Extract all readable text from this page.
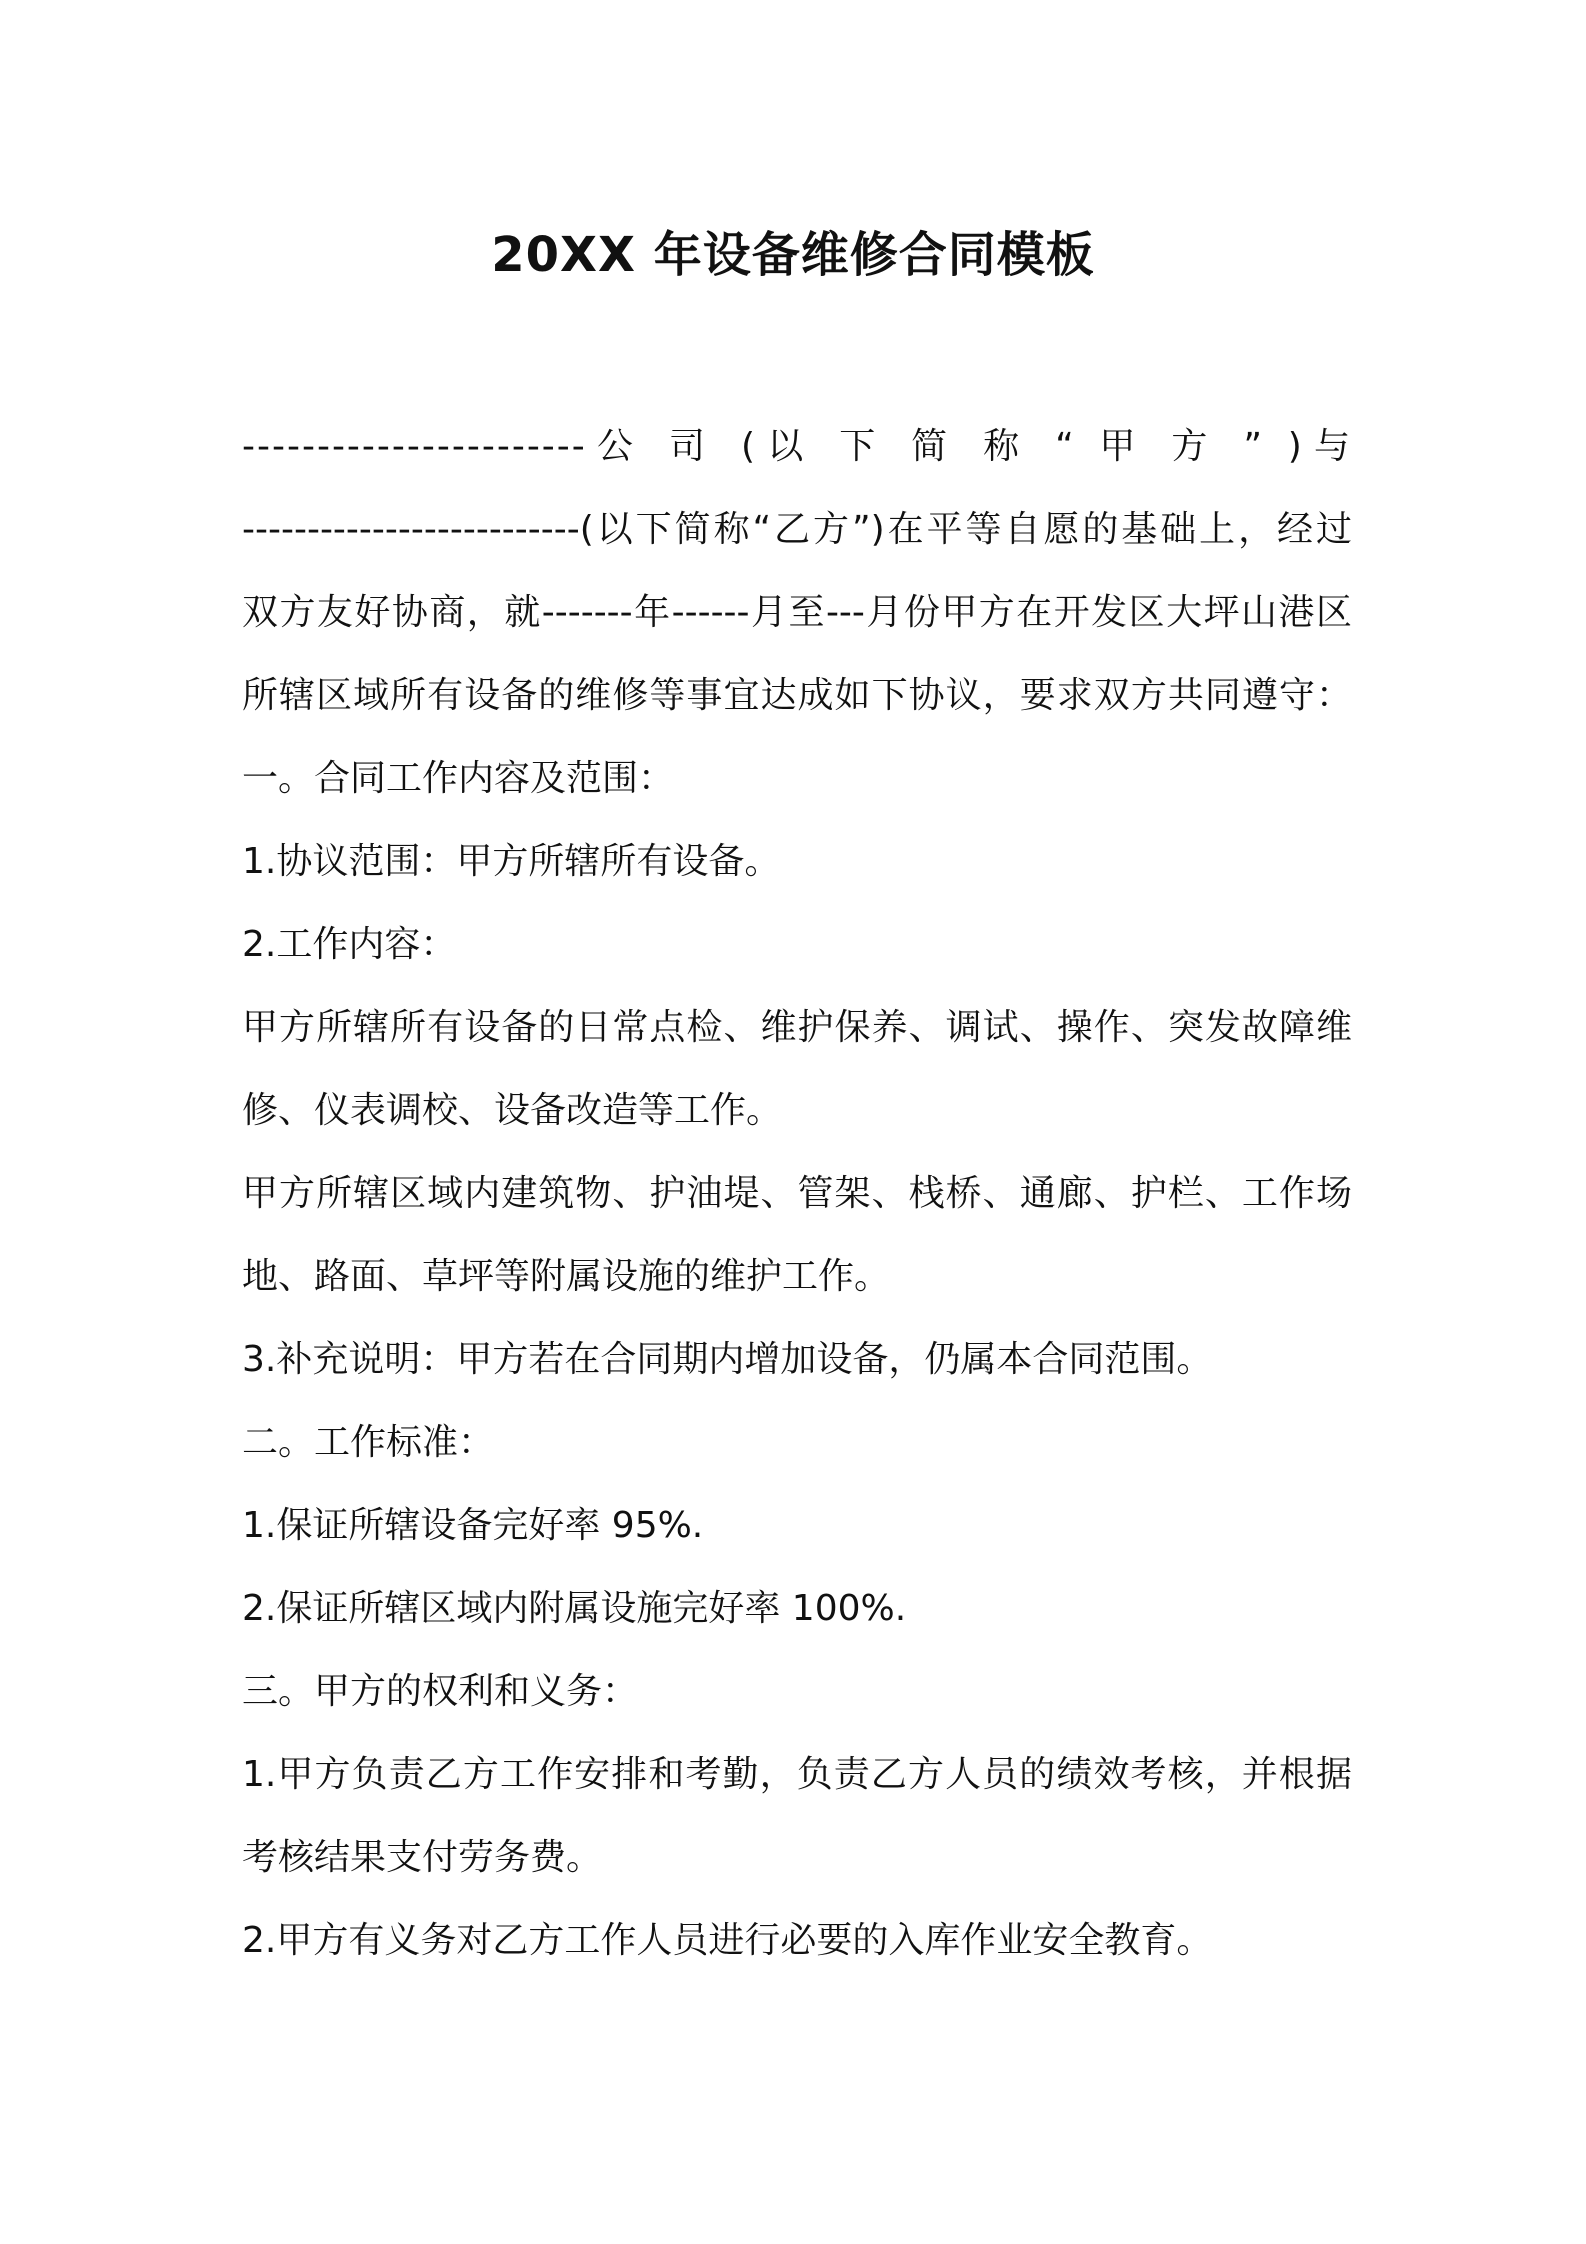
20XX 年设备维修合同模板

-----------------------公 司 (以 下 简 称 “ 甲 方 ” )与

--------------------------(以下简称“乙方”)在平等自愿的基础上，经过

双方友好协商，就-------年------月至---月份甲方在开发区大坪山港区

所辖区域所有设备的维修等事宜达成如下协议，要求双方共同遵守：

一。合同工作内容及范围：

1.协议范围：甲方所辖所有设备。

2.工作内容：

甲方所辖所有设备的日常点检、维护保养、调试、操作、突发故障维

修、仪表调校、设备改造等工作。

甲方所辖区域内建筑物、护油堤、管架、栈桥、通廊、护栏、工作场

地、路面、草坪等附属设施的维护工作。

3.补充说明：甲方若在合同期内增加设备，仍属本合同范围。

二。工作标准：

1.保证所辖设备完好率 95%.

2.保证所辖区域内附属设施完好率 100%.

三。甲方的权利和义务：

1.甲方负责乙方工作安排和考勤，负责乙方人员的绩效考核，并根据

考核结果支付劳务费。

2.甲方有义务对乙方工作人员进行必要的入库作业安全教育。
